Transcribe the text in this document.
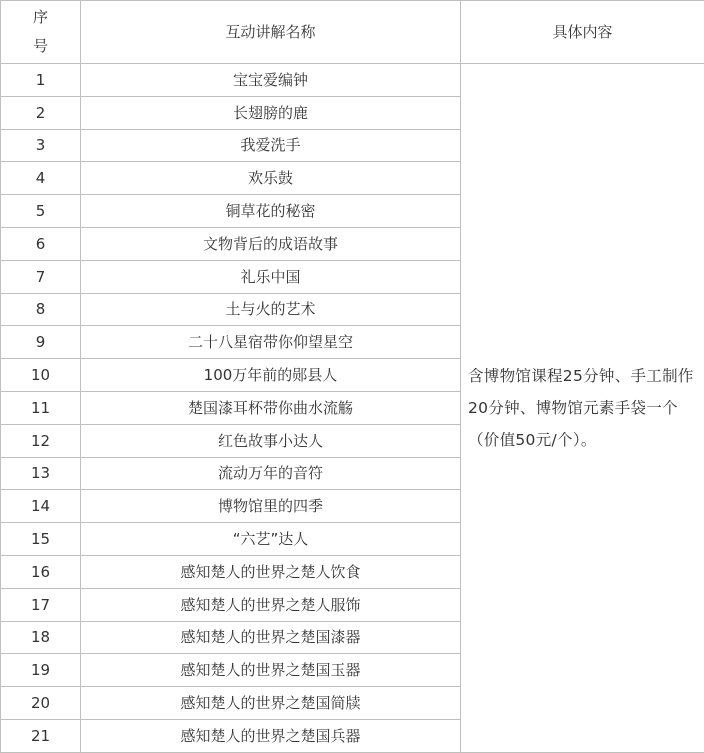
序
号	互动讲解名称	具体内容
1	宝宝爱编钟	含博物馆课程25分钟、手工制作20分钟、博物馆元素手袋一个（价值50元/个）。
2	长翅膀的鹿	
3	我爱洗手	
4	欢乐鼓	
5	铜草花的秘密	
6	文物背后的成语故事	
7	礼乐中国	
8	土与火的艺术	
9	二十八星宿带你仰望星空	
10	100万年前的郧县人	
11	楚国漆耳杯带你曲水流觞	
12	红色故事小达人	
13	流动万年的音符	
14	博物馆里的四季	
15	“六艺”达人	
16	感知楚人的世界之楚人饮食	
17	感知楚人的世界之楚人服饰	
18	感知楚人的世界之楚国漆器	
19	感知楚人的世界之楚国玉器	
20	感知楚人的世界之楚国简牍	
21	感知楚人的世界之楚国兵器	
